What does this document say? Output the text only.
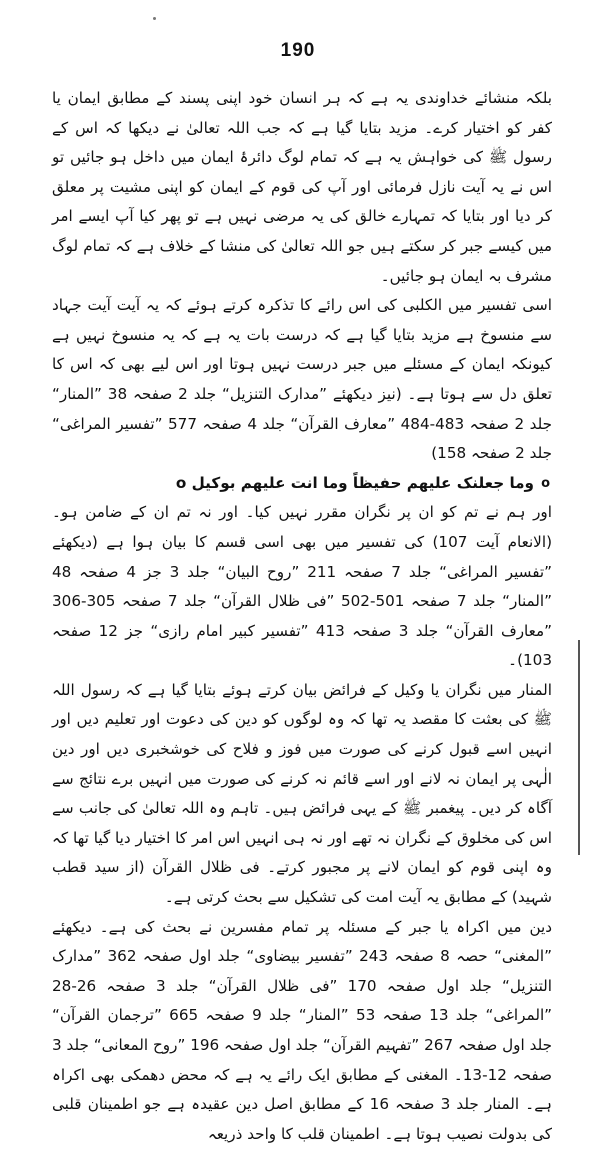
190

بلکہ منشائے خداوندی یہ ہے کہ ہر انسان خود اپنی پسند کے مطابق ایمان یا کفر کو اختیار کرے۔ مزید بتایا گیا ہے کہ جب اللہ تعالیٰ نے دیکھا کہ اس کے رسول ﷺ کی خواہش یہ ہے کہ تمام لوگ دائرۂ ایمان میں داخل ہو جائیں تو اس نے یہ آیت نازل فرمائی اور آپ کی قوم کے ایمان کو اپنی مشیت پر معلق کر دیا اور بتایا کہ تمہارے خالق کی یہ مرضی نہیں ہے تو پھر کیا آپ ایسے امر میں کیسے جبر کر سکتے ہیں جو اللہ تعالیٰ کی منشا کے خلاف ہے کہ تمام لوگ مشرف بہ ایمان ہو جائیں۔

اسی تفسیر میں الکلبی کی اس رائے کا تذکرہ کرتے ہوئے کہ یہ آیت آیت جہاد سے منسوخ ہے مزید بتایا گیا ہے کہ درست بات یہ ہے کہ یہ منسوخ نہیں ہے کیونکہ ایمان کے مسئلے میں جبر درست نہیں ہوتا اور اس لیے بھی کہ اس کا تعلق دل سے ہوتا ہے۔ (نیز دیکھئے ”مدارک التنزیل“ جلد 2 صفحہ 38 ”المنار“ جلد 2 صفحہ 483-484 ”معارف القرآن“ جلد 4 صفحہ 577 ”تفسیر المراغی“ جلد 2 صفحہ 158)

o
وما جعلنک علیهم حفیظاً وما انت علیهم بوکیل o

اور ہم نے تم کو ان پر نگران مقرر نہیں کیا۔ اور نہ تم ان کے ضامن ہو۔ (الانعام آیت 107) کی تفسیر میں بھی اسی قسم کا بیان ہوا ہے (دیکھئے ”تفسیر المراغی“ جلد 7 صفحہ 211 ”روح البیان“ جلد 3 جز 4 صفحہ 48 ”المنار“ جلد 7 صفحہ 501-502 ”فی ظلال القرآن“ جلد 7 صفحہ 305-306 ”معارف القرآن“ جلد 3 صفحہ 413 ”تفسیر کبیر امام رازی“ جز 12 صفحہ 103)۔

المنار میں نگران یا وکیل کے فرائض بیان کرتے ہوئے بتایا گیا ہے کہ رسول اللہ ﷺ کی بعثت کا مقصد یہ تھا کہ وہ لوگوں کو دین کی دعوت اور تعلیم دیں اور انہیں اسے قبول کرنے کی صورت میں فوز و فلاح کی خوشخبری دیں اور دین الٰہی پر ایمان نہ لانے اور اسے قائم نہ کرنے کی صورت میں انہیں برے نتائج سے آگاہ کر دیں۔ پیغمبر ﷺ کے یہی فرائض ہیں۔ تاہم وہ اللہ تعالیٰ کی جانب سے اس کی مخلوق کے نگران نہ تھے اور نہ ہی انہیں اس امر کا اختیار دیا گیا تھا کہ وہ اپنی قوم کو ایمان لانے پر مجبور کرتے۔ فی ظلال القرآن (از سید قطب شہید) کے مطابق یہ آیت امت کی تشکیل سے بحث کرتی ہے۔

دین میں اکراہ یا جبر کے مسئلہ پر تمام مفسرین نے بحث کی ہے۔ دیکھئے ”المغنی“ حصہ 8 صفحہ 243 ”تفسیر بیضاوی“ جلد اول صفحہ 362 ”مدارک التنزیل“ جلد اول صفحہ 170 ”فی ظلال القرآن“ جلد 3 صفحہ 26-28 ”المراغی“ جلد 13 صفحہ 53 ”المنار“ جلد 9 صفحہ 665 ”ترجمان القرآن“ جلد اول صفحہ 267 ”تفہیم القرآن“ جلد اول صفحہ 196 ”روح المعانی“ جلد 3 صفحہ 12-13۔ المغنی کے مطابق ایک رائے یہ ہے کہ محض دھمکی بھی اکراہ ہے۔ المنار جلد 3 صفحہ 16 کے مطابق اصل دین عقیدہ ہے جو اطمینان قلبی کی بدولت نصیب ہوتا ہے۔ اطمینان قلب کا واحد ذریعہ
